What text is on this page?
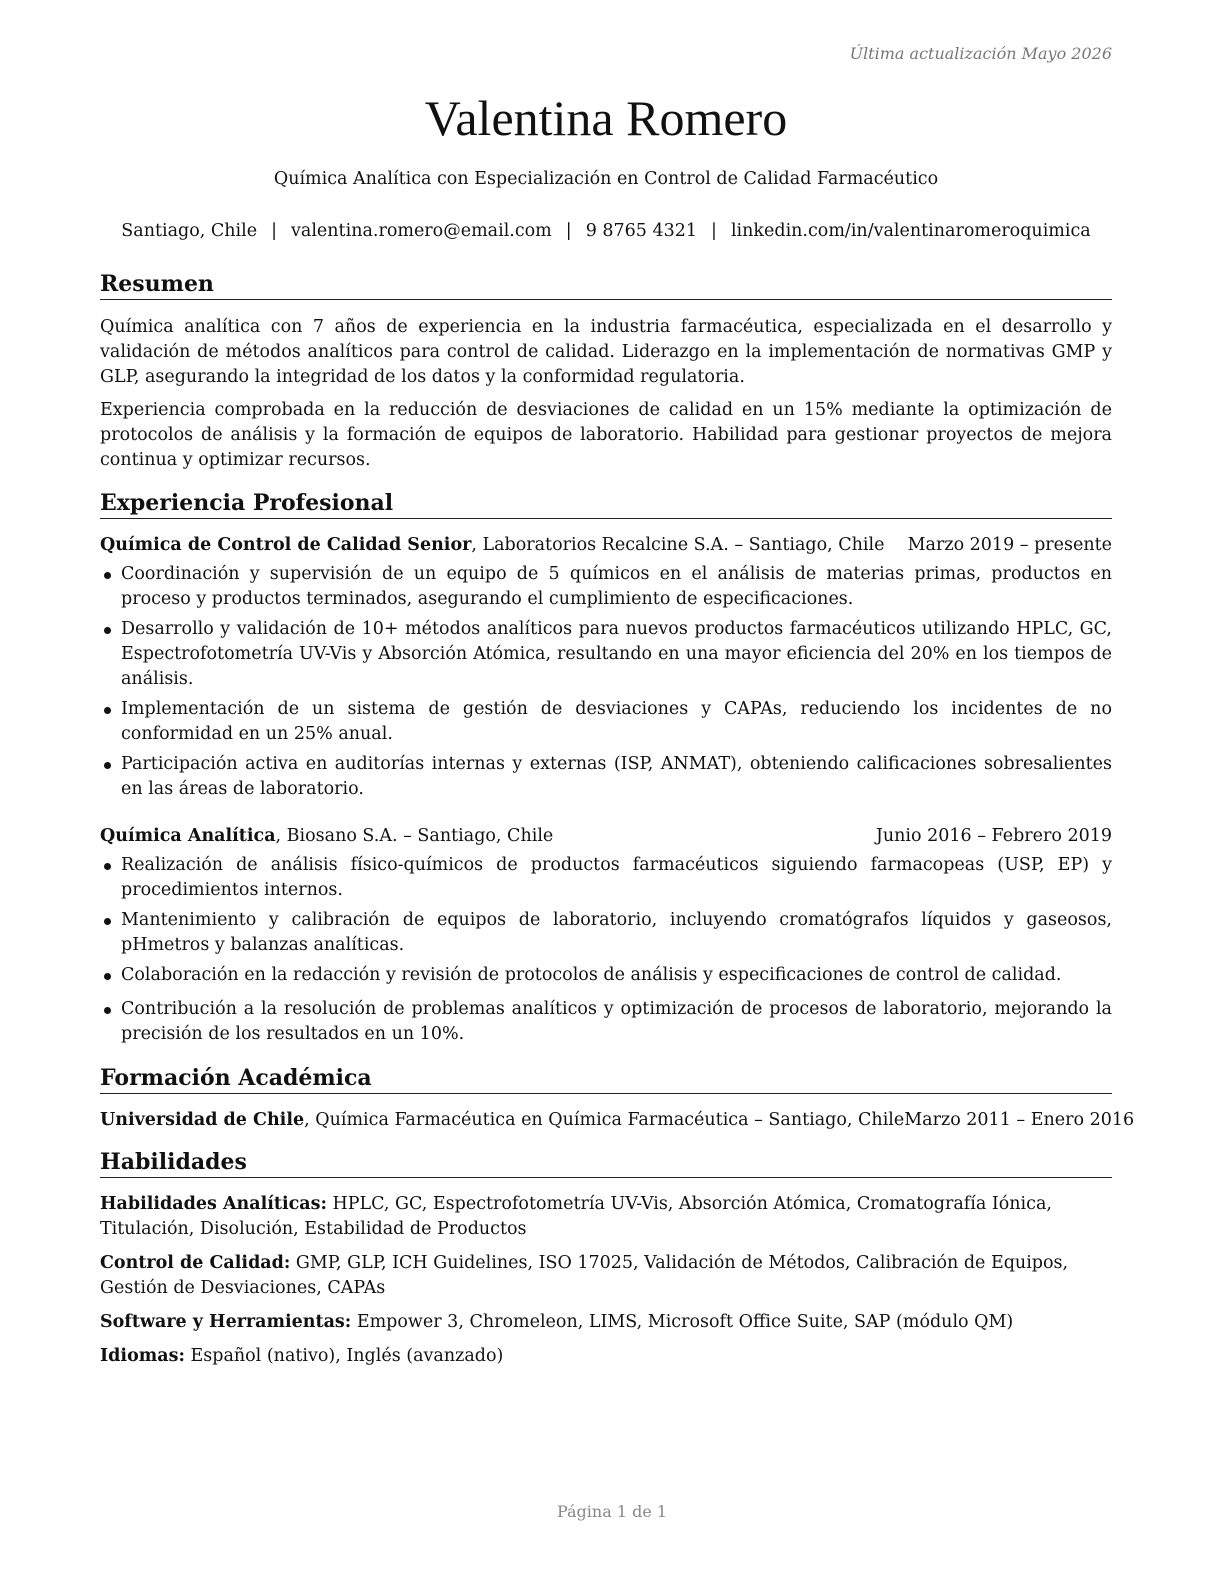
Última actualización Mayo 2026
Valentina Romero
Química Analítica con Especialización en Control de Calidad Farmacéutico
Santiago, Chile | valentina.romero@email.com | 9 8765 4321 | linkedin.com/in/valentinaromeroquimica
Resumen

Química analítica con 7 años de experiencia en la industria farmacéutica, especializada en el desarrollo y validación de métodos analíticos para control de calidad. Liderazgo en la implementación de normativas GMP y GLP, asegurando la integridad de los datos y la conformidad regulatoria.

Experiencia comprobada en la reducción de desviaciones de calidad en un 15% mediante la optimización de protocolos de análisis y la formación de equipos de laboratorio. Habilidad para gestionar proyectos de mejora continua y optimizar recursos.

Experiencia Profesional
Química de Control de Calidad Senior, Laboratorios Recalcine S.A. – Santiago, Chile Marzo 2019 – presente
Coordinación y supervisión de un equipo de 5 químicos en el análisis de materias primas, productos en proceso y productos terminados, asegurando el cumplimiento de especificaciones.
Desarrollo y validación de 10+ métodos analíticos para nuevos productos farmacéuticos utilizando HPLC, GC, Espectrofotometría UV-Vis y Absorción Atómica, resultando en una mayor eficiencia del 20% en los tiempos de análisis.
Implementación de un sistema de gestión de desviaciones y CAPAs, reduciendo los incidentes de no conformidad en un 25% anual.
Participación activa en auditorías internas y externas (ISP, ANMAT), obteniendo calificaciones sobresalientes en las áreas de laboratorio.
Química Analítica, Biosano S.A. – Santiago, Chile	Junio 2016 – Febrero 2019
Realización de análisis físico-químicos de productos farmacéuticos siguiendo farmacopeas (USP, EP) y procedimientos internos.
Mantenimiento y calibración de equipos de laboratorio, incluyendo cromatógrafos líquidos y gaseosos, pHmetros y balanzas analíticas.
Colaboración en la redacción y revisión de protocolos de análisis y especificaciones de control de calidad.
Contribución a la resolución de problemas analíticos y optimización de procesos de laboratorio, mejorando la precisión de los resultados en un 10%.
Formación Académica
Universidad de Chile, Química Farmacéutica en Química Farmacéutica – Santiago, Chile Marzo 2011 – Enero 2016
Habilidades

Habilidades Analíticas: HPLC, GC, Espectrofotometría UV-Vis, Absorción Atómica, Cromatografía Iónica, Titulación, Disolución, Estabilidad de Productos

Control de Calidad: GMP, GLP, ICH Guidelines, ISO 17025, Validación de Métodos, Calibración de Equipos, Gestión de Desviaciones, CAPAs

Software y Herramientas: Empower 3, Chromeleon, LIMS, Microsoft Office Suite, SAP (módulo QM)

Idiomas: Español (nativo), Inglés (avanzado)

Página 1 de 1
